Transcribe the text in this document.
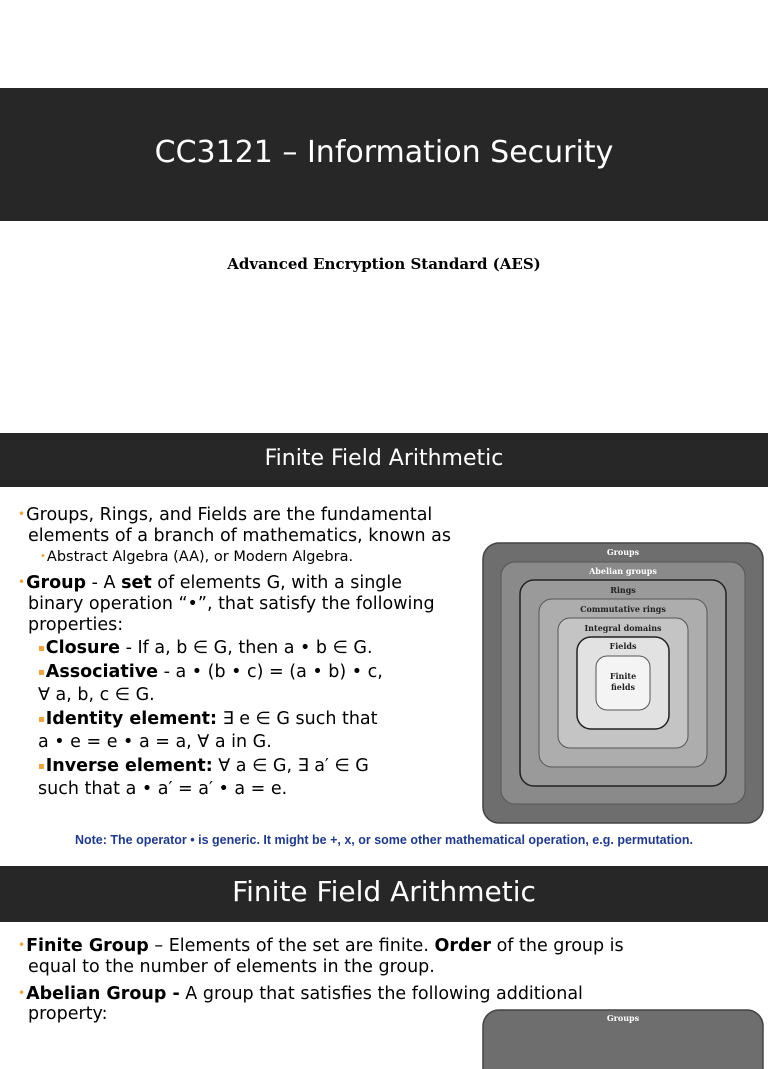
CC3121 – Information Security
Advanced Encryption Standard (AES)
Finite Field Arithmetic
•Groups, Rings, and Fields are the fundamental
elements of a branch of mathematics, known as
•Abstract Algebra (AA), or Modern Algebra.
•Group - A set of elements G, with a single
binary operation “•”, that satisfy the following
properties:
▪Closure - If a, b ∈ G, then a • b ∈ G.
▪Associative - a • (b • c) = (a • b) • c,
∀ a, b, c ∈ G.
▪Identity element: ∃ e ∈ G such that
a • e = e • a = a, ∀ a in G.
▪Inverse element: ∀ a ∈ G, ∃ a′ ∈ G
such that a • a′ = a′ • a = e.
Groups
Abelian groups
Rings
Commutative rings
Integral domains
Fields
Finite
fields
Note: The operator • is generic. It might be +, x, or some other mathematical operation, e.g. permutation.
Finite Field Arithmetic
•Finite Group – Elements of the set are finite. Order of the group is
equal to the number of elements in the group.
•Abelian Group - A group that satisfies the following additional
property:	Groups
